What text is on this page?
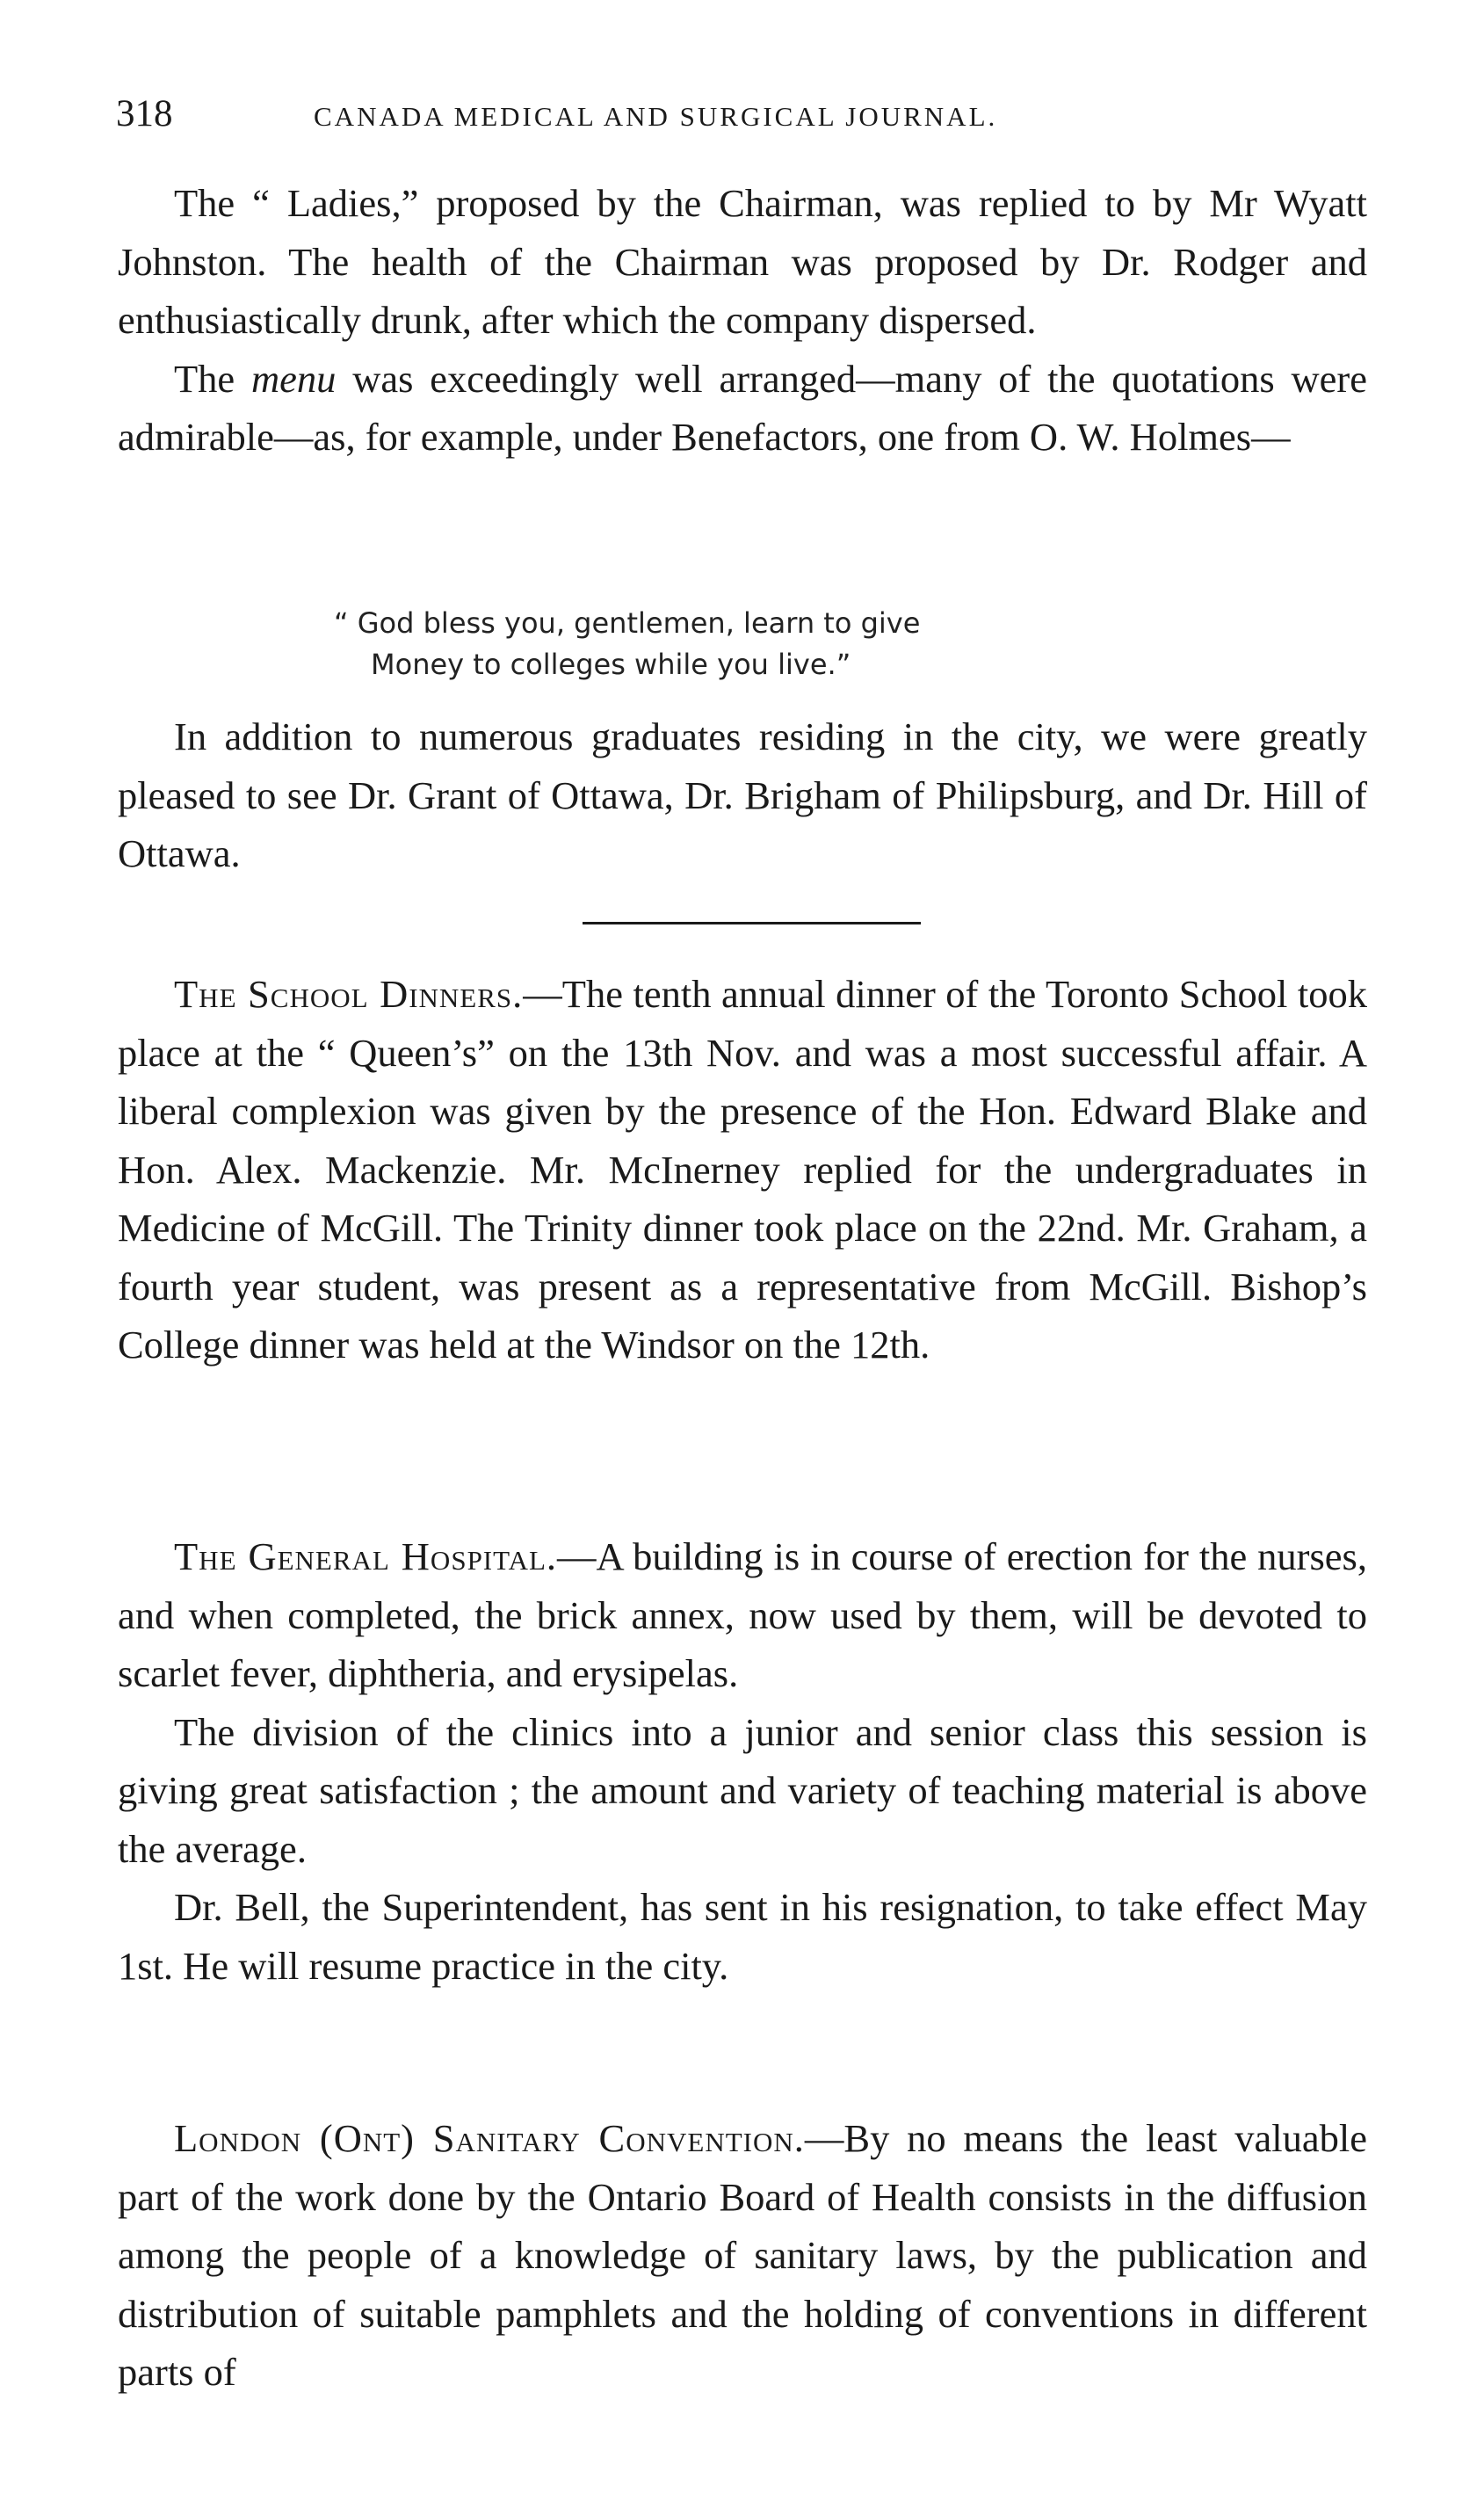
318	CANADA MEDICAL AND SURGICAL JOURNAL.

The “ Ladies,” proposed by the Chairman, was replied to by Mr Wyatt Johnston. The health of the Chairman was proposed by Dr. Rodger and enthusiastically drunk, after which the company dispersed.

The menu was exceedingly well arranged—many of the quotations were admirable—as, for example, under Benefactors, one from O. W. Holmes—

“ God bless you, gentlemen, learn to give
Money to colleges while you live.”

In addition to numerous graduates residing in the city, we were greatly pleased to see Dr. Grant of Ottawa, Dr. Brigham of Philipsburg, and Dr. Hill of Ottawa.

The School Dinners.—The tenth annual dinner of the Toronto School took place at the “ Queen’s” on the 13th Nov. and was a most successful affair. A liberal complexion was given by the presence of the Hon. Edward Blake and Hon. Alex. Mackenzie. Mr. McInerney replied for the undergraduates in Medicine of McGill. The Trinity dinner took place on the 22nd. Mr. Graham, a fourth year student, was present as a representative from McGill. Bishop’s College dinner was held at the Windsor on the 12th.

The General Hospital.—A building is in course of erection for the nurses, and when completed, the brick annex, now used by them, will be devoted to scarlet fever, diphtheria, and erysipelas.

The division of the clinics into a junior and senior class this session is giving great satisfaction ; the amount and variety of teaching material is above the average.

Dr. Bell, the Superintendent, has sent in his resignation, to take effect May 1st. He will resume practice in the city.

London (Ont) Sanitary Convention.—By no means the least valuable part of the work done by the Ontario Board of Health consists in the diffusion among the people of a knowledge of sanitary laws, by the publication and distribution of suitable pamphlets and the holding of conventions in different parts of
